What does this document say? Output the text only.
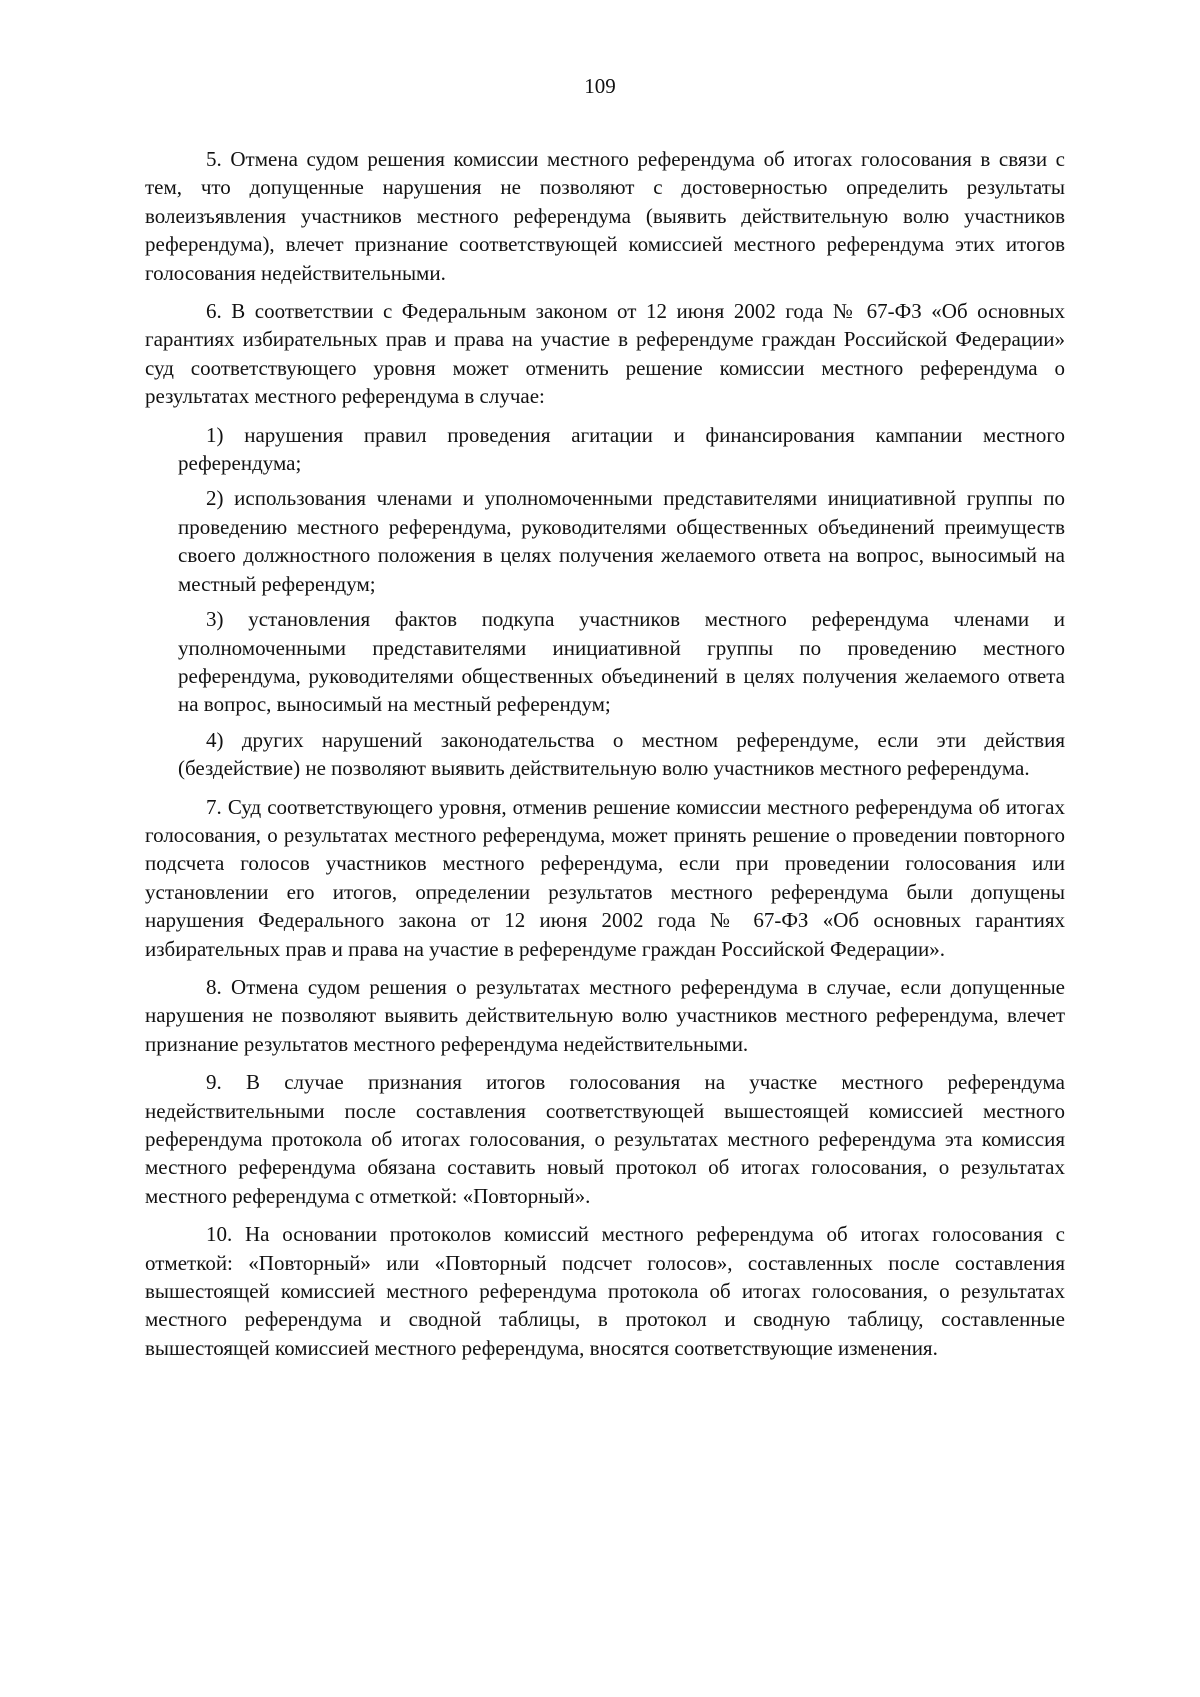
109

5. Отмена судом решения комиссии местного референдума об итогах голосования в связи с тем, что допущенные нарушения не позволяют с достоверностью определить результаты волеизъявления участников местного референдума (выявить действительную волю участников референдума), влечет признание соответствующей комиссией местного референдума этих итогов голосования недействительными.

6. В соответствии с Федеральным законом от 12 июня 2002 года № 67-ФЗ «Об основных гарантиях избирательных прав и права на участие в референдуме граждан Российской Федерации» суд соответствующего уровня может отменить решение комиссии местного референдума о результатах местного референдума в случае:

1) нарушения правил проведения агитации и финансирования кампании местного референдума;

2) использования членами и уполномоченными представителями инициативной группы по проведению местного референдума, руководителями общественных объединений преимуществ своего должностного положения в целях получения желаемого ответа на вопрос, выносимый на местный референдум;

3) установления фактов подкупа участников местного референдума членами и уполномоченными представителями инициативной группы по проведению местного референдума, руководителями общественных объединений в целях получения желаемого ответа на вопрос, выносимый на местный референдум;

4) других нарушений законодательства о местном референдуме, если эти действия (бездействие) не позволяют выявить действительную волю участников местного референдума.

7. Суд соответствующего уровня, отменив решение комиссии местного референдума об итогах голосования, о результатах местного референдума, может принять решение о проведении повторного подсчета голосов участников местного референдума, если при проведении голосования или установлении его итогов, определении результатов местного референдума были допущены нарушения Федерального закона от 12 июня 2002 года № 67-ФЗ «Об основных гарантиях избирательных прав и права на участие в референдуме граждан Российской Федерации».

8. Отмена судом решения о результатах местного референдума в случае, если допущенные нарушения не позволяют выявить действительную волю участников местного референдума, влечет признание результатов местного референдума недействительными.

9. В случае признания итогов голосования на участке местного референдума недействительными после составления соответствующей вышестоящей комиссией местного референдума протокола об итогах голосования, о результатах местного референдума эта комиссия местного референдума обязана составить новый протокол об итогах голосования, о результатах местного референдума с отметкой: «Повторный».

10. На основании протоколов комиссий местного референдума об итогах голосования с отметкой: «Повторный» или «Повторный подсчет голосов», составленных после составления вышестоящей комиссией местного референдума протокола об итогах голосования, о результатах местного референдума и сводной таблицы, в протокол и сводную таблицу, составленные вышестоящей комиссией местного референдума, вносятся соответствующие изменения.
